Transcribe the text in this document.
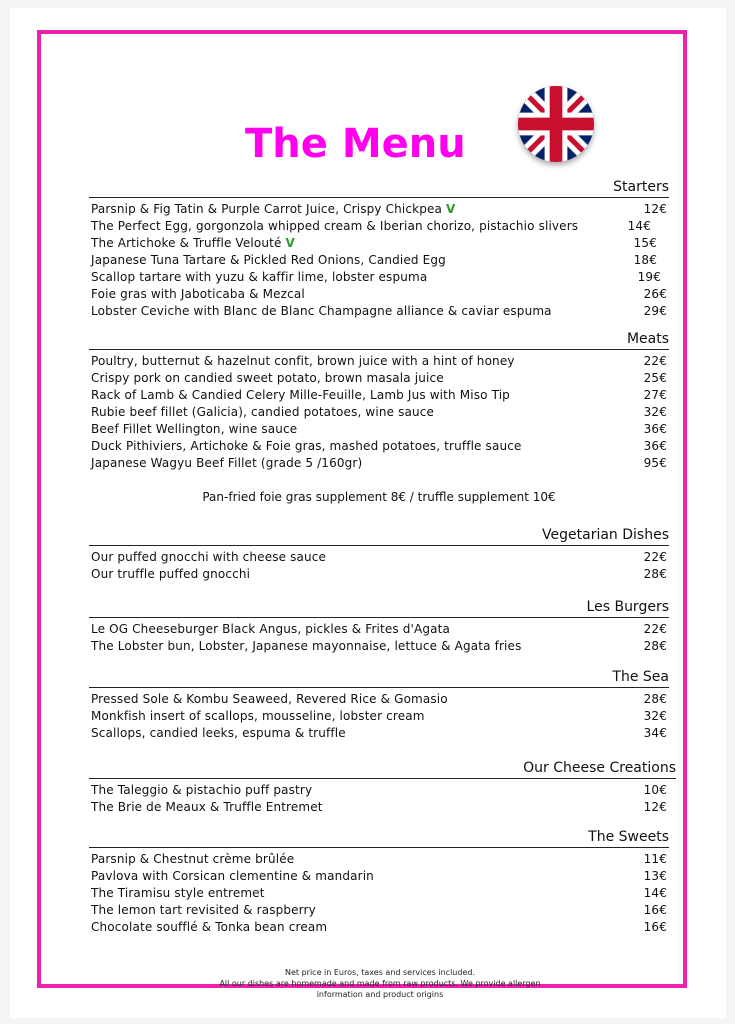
The Menu
Starters
Parsnip & Fig Tatin & Purple Carrot Juice, Crispy Chickpea V	12€
The Perfect Egg, gorgonzola whipped cream & Iberian chorizo, pistachio slivers	14€
The Artichoke & Truffle Velouté V	15€
Japanese Tuna Tartare & Pickled Red Onions, Candied Egg	18€
Scallop tartare with yuzu & kaffir lime, lobster espuma	19€
Foie gras with Jaboticaba & Mezcal	26€
Lobster Ceviche with Blanc de Blanc Champagne alliance & caviar espuma	29€
Meats
Poultry, butternut & hazelnut confit, brown juice with a hint of honey	22€
Crispy pork on candied sweet potato, brown masala juice	25€
Rack of Lamb & Candied Celery Mille-Feuille, Lamb Jus with Miso Tip	27€
Rubie beef fillet (Galicia), candied potatoes, wine sauce	32€
Beef Fillet Wellington, wine sauce	36€
Duck Pithiviers, Artichoke & Foie gras, mashed potatoes, truffle sauce	36€
Japanese Wagyu Beef Fillet (grade 5 /160gr)	95€
Pan-fried foie gras supplement 8€ / truffle supplement 10€
Vegetarian Dishes
Our puffed gnocchi with cheese sauce	22€
Our truffle puffed gnocchi	28€
Les Burgers
Le OG Cheeseburger Black Angus, pickles & Frites d'Agata	22€
The Lobster bun, Lobster, Japanese mayonnaise, lettuce & Agata fries	28€
The Sea
Pressed Sole & Kombu Seaweed, Revered Rice & Gomasio	28€
Monkfish insert of scallops, mousseline, lobster cream	32€
Scallops, candied leeks, espuma & truffle	34€
Our Cheese Creations
The Taleggio & pistachio puff pastry	10€
The Brie de Meaux & Truffle Entremet	12€
The Sweets
Parsnip & Chestnut crème brûlée	11€
Pavlova with Corsican clementine & mandarin	13€
The Tiramisu style entremet	14€
The lemon tart revisited & raspberry	16€
Chocolate soufflé & Tonka bean cream	16€
Net price in Euros, taxes and services included.
All our dishes are homemade and made from raw products. We provide allergen
information and product origins
